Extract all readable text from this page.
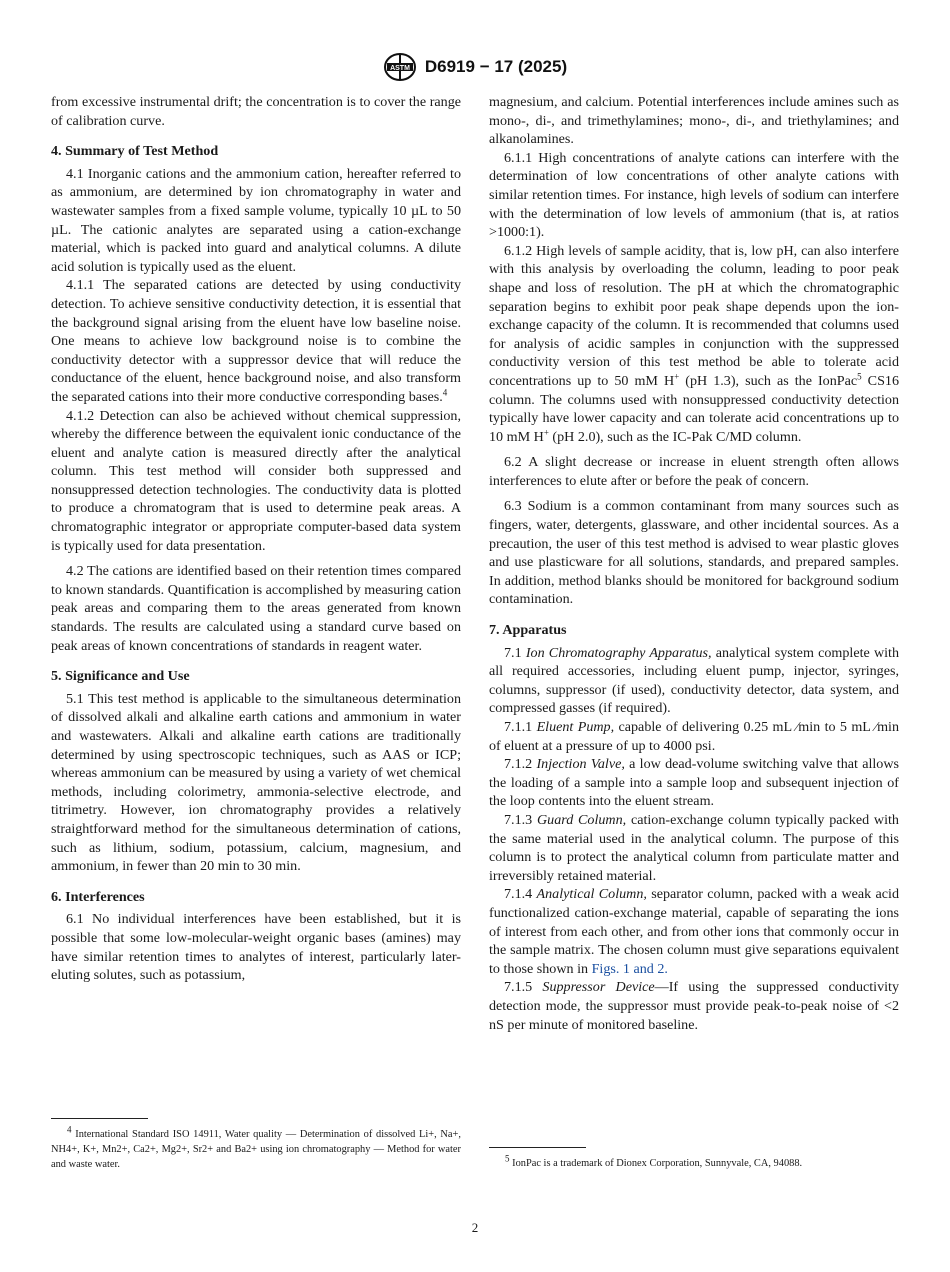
ASTM D6919 − 17 (2025)

from excessive instrumental drift; the concentration is to cover the range of calibration curve.

4. Summary of Test Method

4.1 Inorganic cations and the ammonium cation, hereafter referred to as ammonium, are determined by ion chromatography in water and wastewater samples from a fixed sample volume, typically 10 µL to 50 µL. The cationic analytes are separated using a cation-exchange material, which is packed into guard and analytical columns. A dilute acid solution is typically used as the eluent.

4.1.1 The separated cations are detected by using conductivity detection. To achieve sensitive conductivity detection, it is essential that the background signal arising from the eluent have low baseline noise. One means to achieve low background noise is to combine the conductivity detector with a suppressor device that will reduce the conductance of the eluent, hence background noise, and also transform the separated cations into their more conductive corresponding bases.$^4$

4.1.2 Detection can also be achieved without chemical suppression, whereby the difference between the equivalent ionic conductance of the eluent and analyte cation is measured directly after the analytical column. This test method will consider both suppressed and nonsuppressed detection technologies. The conductivity data is plotted to produce a chromatogram that is used to determine peak areas. A chromatographic integrator or appropriate computer-based data system is typically used for data presentation.

4.2 The cations are identified based on their retention times compared to known standards. Quantification is accomplished by measuring cation peak areas and comparing them to the areas generated from known standards. The results are calculated using a standard curve based on peak areas of known concentrations of standards in reagent water.

5. Significance and Use

5.1 This test method is applicable to the simultaneous determination of dissolved alkali and alkaline earth cations and ammonium in water and wastewaters. Alkali and alkaline earth cations are traditionally determined by using spectroscopic techniques, such as AAS or ICP; whereas ammonium can be measured by using a variety of wet chemical methods, including colorimetry, ammonia-selective electrode, and titrimetry. However, ion chromatography provides a relatively straightforward method for the simultaneous determination of cations, such as lithium, sodium, potassium, calcium, magnesium, and ammonium, in fewer than 20 min to 30 min.

6. Interferences

6.1 No individual interferences have been established, but it is possible that some low-molecular-weight organic bases (amines) may have similar retention times to analytes of interest, particularly later-eluting solutes, such as potassium,

$^4$ International Standard ISO 14911, Water quality — Determination of dissolved Li+, Na+, NH4+, K+, Mn2+, Ca2+, Mg2+, Sr2+ and Ba2+ using ion chromatography — Method for water and waste water.

magnesium, and calcium. Potential interferences include amines such as mono-, di-, and trimethylamines; mono-, di-, and triethylamines; and alkanolamines.

6.1.1 High concentrations of analyte cations can interfere with the determination of low concentrations of other analyte cations with similar retention times. For instance, high levels of sodium can interfere with the determination of low levels of ammonium (that is, at ratios >1000:1).

6.1.2 High levels of sample acidity, that is, low pH, can also interfere with this analysis by overloading the column, leading to poor peak shape and loss of resolution. The pH at which the chromatographic separation begins to exhibit poor peak shape depends upon the ion-exchange capacity of the column. It is recommended that columns used for analysis of acidic samples in conjunction with the suppressed conductivity version of this test method be able to tolerate acid concentrations up to 50 mM H+ (pH 1.3), such as the IonPac$^5$ CS16 column. The columns used with nonsuppressed conductivity detection typically have lower capacity and can tolerate acid concentrations up to 10 mM H+ (pH 2.0), such as the IC-Pak C/MD column.

6.2 A slight decrease or increase in eluent strength often allows interferences to elute after or before the peak of concern.

6.3 Sodium is a common contaminant from many sources such as fingers, water, detergents, glassware, and other incidental sources. As a precaution, the user of this test method is advised to wear plastic gloves and use plasticware for all solutions, standards, and prepared samples. In addition, method blanks should be monitored for background sodium contamination.

7. Apparatus

7.1 Ion Chromatography Apparatus, analytical system complete with all required accessories, including eluent pump, injector, syringes, columns, suppressor (if used), conductivity detector, data system, and compressed gasses (if required).

7.1.1 Eluent Pump, capable of delivering 0.25 mL ⁄min to 5 mL ⁄min of eluent at a pressure of up to 4000 psi.

7.1.2 Injection Valve, a low dead-volume switching valve that allows the loading of a sample into a sample loop and subsequent injection of the loop contents into the eluent stream.

7.1.3 Guard Column, cation-exchange column typically packed with the same material used in the analytical column. The purpose of this column is to protect the analytical column from particulate matter and irreversibly retained material.

7.1.4 Analytical Column, separator column, packed with a weak acid functionalized cation-exchange material, capable of separating the ions of interest from each other, and from other ions that commonly occur in the sample matrix. The chosen column must give separations equivalent to those shown in Figs. 1 and 2.

7.1.5 Suppressor Device—If using the suppressed conductivity detection mode, the suppressor must provide peak-to-peak noise of <2 nS per minute of monitored baseline.

$^5$ IonPac is a trademark of Dionex Corporation, Sunnyvale, CA, 94088.
2
